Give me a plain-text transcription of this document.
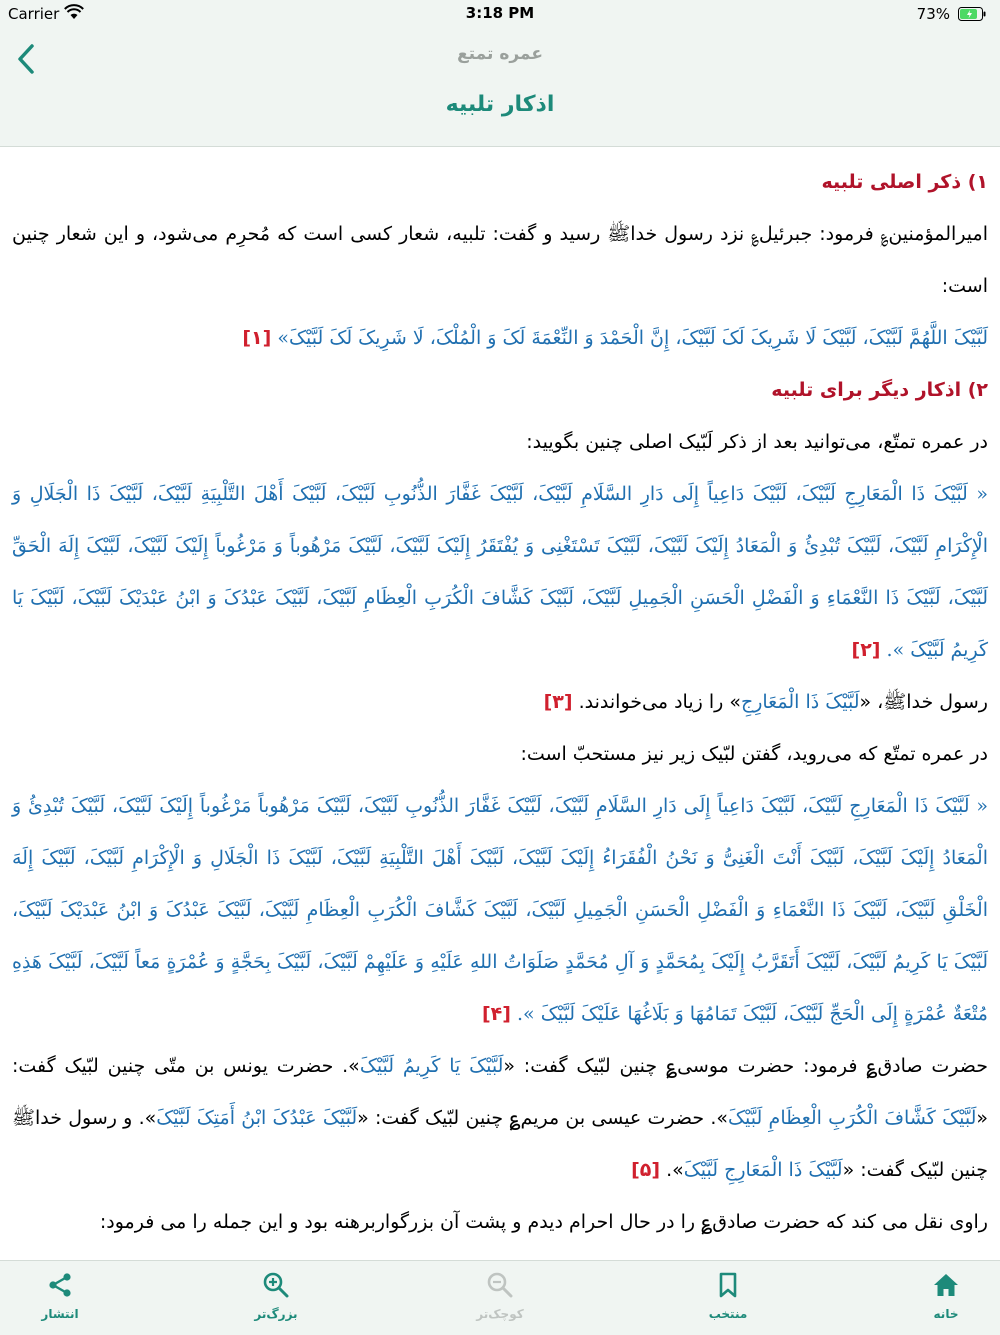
Carrier	3:18 PM	73%
عمره تمتع
اذکار تلبیه

۱) ذکر اصلی تلبیه

امیرالمؤمنین؏ فرمود: جبرئیل؏ نزد رسول خداﷺ رسید و گفت: تلبیه، شعار کسی است که مُحرِم می‌شود، و این شعار چنین است:

لَبَّیْکَ اللَّهُمَّ لَبَّیْکَ، لَبَّیْکَ لَا شَرِیکَ لَکَ لَبَّیْکَ، إِنَّ الْحَمْدَ وَ النِّعْمَةَ لَکَ وَ الْمُلْکَ، لَا شَرِیکَ لَکَ لَبَّیْکَ» [۱]

۲) اذکار دیگر برای تلبیه

در عمره تمتّع، می‌توانید بعد از ذکر لَبّیک اصلی چنین بگویید:

« لَبَّیْکَ ذَا الْمَعَارِجِ لَبَّیْکَ، لَبَّیْکَ دَاعِیاً إِلَى دَارِ السَّلَامِ لَبَّیْکَ، لَبَّیْکَ غَفَّارَ الذُّنُوبِ لَبَّیْکَ، لَبَّیْکَ أَهْلَ التَّلْبِیَةِ لَبَّیْکَ، لَبَّیْکَ ذَا الْجَلَالِ وَ الْإِکْرَامِ لَبَّیْکَ، لَبَّیْکَ تُبْدِئُ وَ الْمَعَادُ إِلَیْکَ لَبَّیْکَ، لَبَّیْکَ تَسْتَغْنِی وَ یُفْتَقَرُ إِلَیْکَ لَبَّیْکَ، لَبَّیْکَ مَرْهُوباً وَ مَرْغُوباً إِلَیْکَ لَبَّیْکَ، لَبَّیْکَ إِلَهَ الْحَقِّ لَبَّیْکَ، لَبَّیْکَ ذَا النَّعْمَاءِ وَ الْفَضْلِ الْحَسَنِ الْجَمِیلِ لَبَّیْکَ، لَبَّیْکَ کَشَّافَ الْکُرَبِ الْعِظَامِ لَبَّیْکَ، لَبَّیْکَ عَبْدُکَ وَ ابْنُ عَبْدَیْکَ لَبَّیْکَ، لَبَّیْکَ یَا کَرِیمُ لَبَّیْکَ ». [۲]

رسول خداﷺ، «لَبَّیْکَ ذَا الْمَعَارِجِ» را زیاد می‌خواندند. [۳]

در عمره تمتّع که می‌روید، گفتن لبّیک زیر نیز مستحبّ است:

« لَبَّیْکَ ذَا الْمَعَارِجِ لَبَّیْکَ، لَبَّیْکَ دَاعِیاً إِلَى دَارِ السَّلَامِ لَبَّیْکَ، لَبَّیْکَ غَفَّارَ الذُّنُوبِ لَبَّیْکَ، لَبَّیْکَ مَرْهُوباً مَرْغُوباً إِلَیْکَ لَبَّیْکَ، لَبَّیْکَ تُبْدِئُ وَ الْمَعَادُ إِلَیْکَ لَبَّیْکَ، لَبَّیْکَ أَنْتَ الْغَنِیُّ وَ نَحْنُ الْفُقَرَاءُ إِلَیْکَ لَبَّیْکَ، لَبَّیْکَ أَهْلَ التَّلْبِیَةِ لَبَّیْکَ، لَبَّیْکَ ذَا الْجَلَالِ وَ الْإِکْرَامِ لَبَّیْکَ، لَبَّیْکَ إِلَهَ الْخَلْقِ لَبَّیْکَ، لَبَّیْکَ ذَا النَّعْمَاءِ وَ الْفَضْلِ الْحَسَنِ الْجَمِیلِ لَبَّیْکَ، لَبَّیْکَ کَشَّافَ الْکُرَبِ الْعِظَامِ لَبَّیْکَ، لَبَّیْکَ عَبْدُکَ وَ ابْنُ عَبْدَیْکَ لَبَّیْکَ، لَبَّیْکَ یَا کَرِیمُ لَبَّیْکَ، لَبَّیْکَ أَتَقَرَّبُ إِلَیْکَ بِمُحَمَّدٍ وَ آلِ مُحَمَّدٍ صَلَوَاتُ اللهِ عَلَیْهِ وَ عَلَیْهِمْ لَبَّیْکَ، لَبَّیْکَ بِحَجَّةٍ وَ عُمْرَةٍ مَعاً لَبَّیْکَ، لَبَّیْکَ هَذِهِ مُتْعَةٌ عُمْرَةٍ إِلَى الْحَجِّ لَبَّیْکَ، لَبَّیْکَ تَمَامُهَا وَ بَلَاغُهَا عَلَیْکَ لَبَّیْکَ ». [۴]

حضرت صادق؏ فرمود: حضرت موسی؏ چنین لبّیک گفت: «لَبَّیْکَ یَا کَرِیمُ لَبَّیْکَ». حضرت یونس بن متّی چنین لبّیک گفت: «لَبَّیْکَ کَشَّافَ الْکُرَبِ الْعِظَامِ لَبَّیْکَ». حضرت عیسی بن مریم؏ چنین لبّیک گفت: «لَبَّیْکَ عَبْدُکَ ابْنُ أَمَتِکَ لَبَّیْکَ». و رسول خداﷺ چنین لبّیک گفت: «لَبَّیْکَ ذَا الْمَعَارِجِ لَبَّیْکَ». [۵]

راوی نقل می کند که حضرت صادق؏ را در حال احرام دیدم و پشت آن بزرگواربرهنه بود و این جمله را می فرمود:

انتشار	بزرگ‌تر	کوچک‌تر	منتخب	خانه
